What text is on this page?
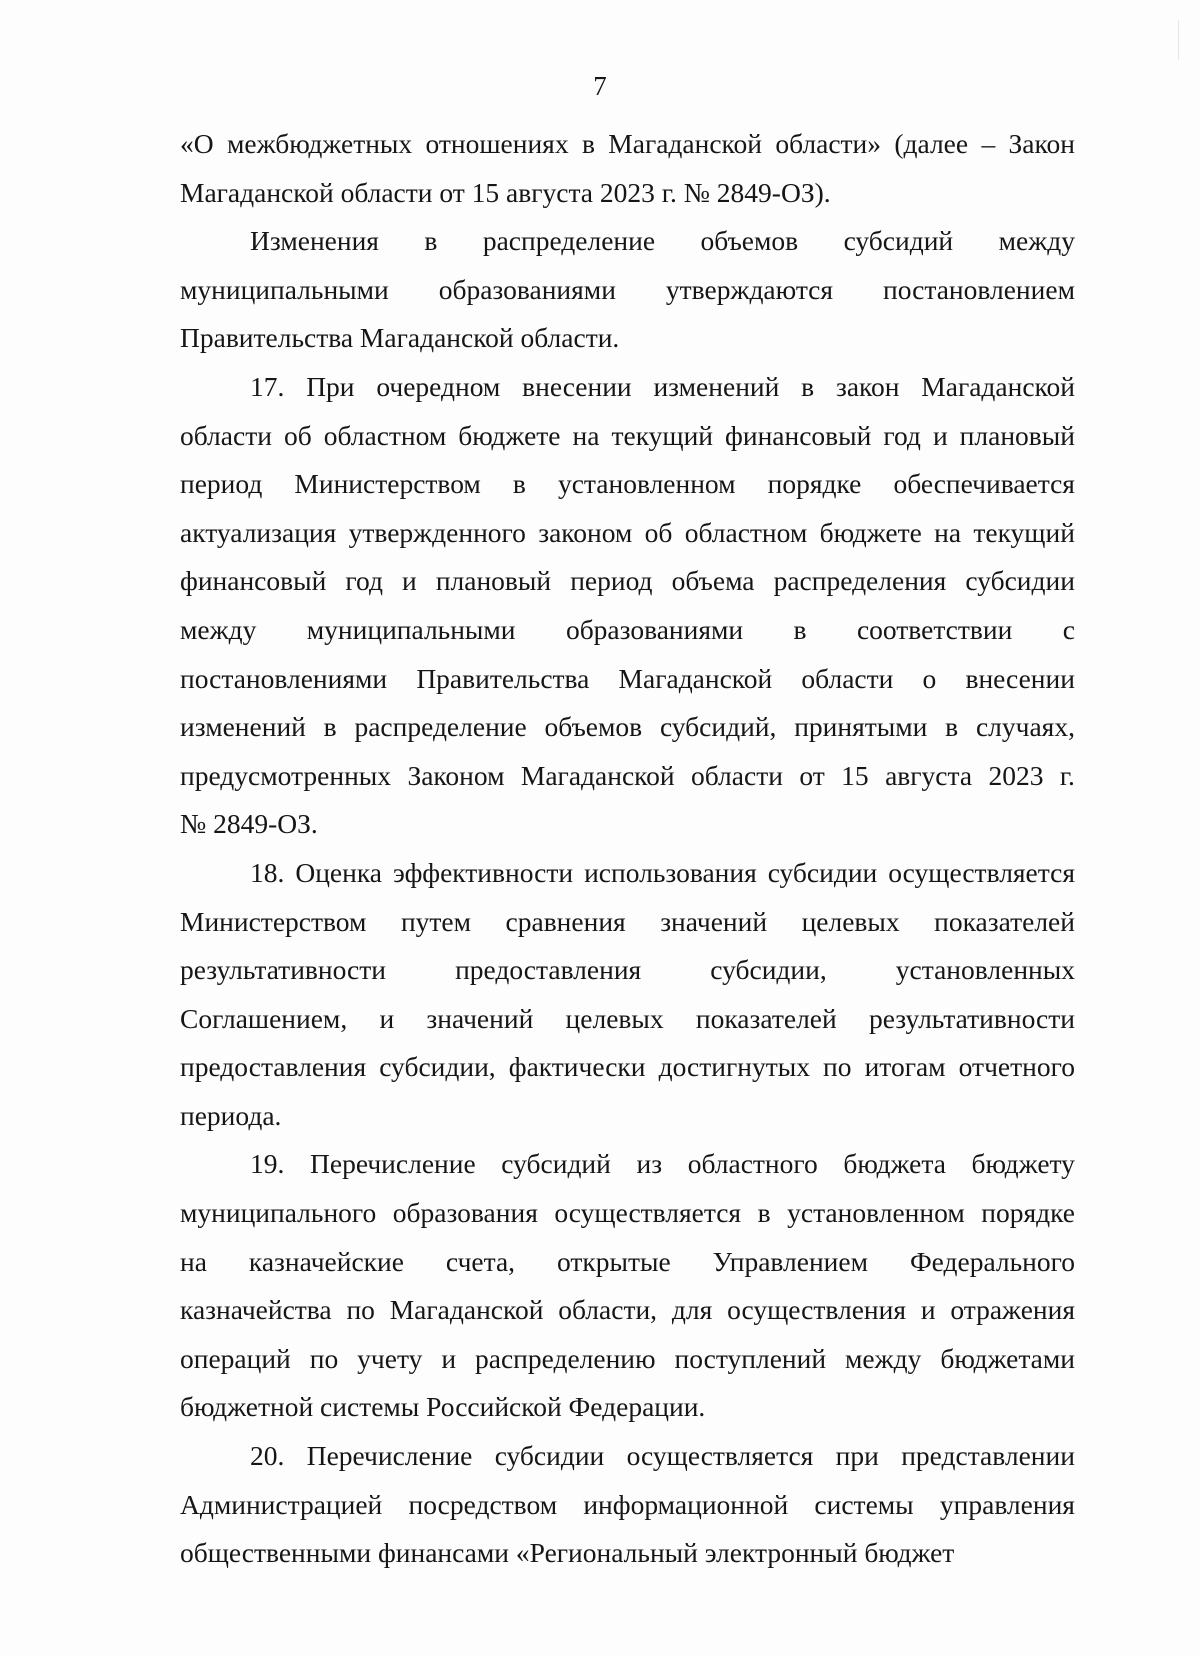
7
«О межбюджетных отношениях в Магаданской области» (далее – Закон
Магаданской области от 15 августа 2023 г. № 2849-ОЗ).
Изменения в распределение объемов субсидий между
муниципальными образованиями утверждаются постановлением
Правительства Магаданской области.
17. При очередном внесении изменений в закон Магаданской
области об областном бюджете на текущий финансовый год и плановый
период Министерством в установленном порядке обеспечивается
актуализация утвержденного законом об областном бюджете на текущий
финансовый год и плановый период объема распределения субсидии
между муниципальными образованиями в соответствии с
постановлениями Правительства Магаданской области о внесении
изменений в распределение объемов субсидий, принятыми в случаях,
предусмотренных Законом Магаданской области от 15 августа 2023 г.
№ 2849-ОЗ.
18. Оценка эффективности использования субсидии осуществляется
Министерством путем сравнения значений целевых показателей
результативности	предоставления	субсидии,	установленных
Соглашением, и значений целевых показателей результативности
предоставления субсидии, фактически достигнутых по итогам отчетного
периода.
19. Перечисление субсидий из областного бюджета бюджету
муниципального образования осуществляется в установленном порядке
на казначейские счета, открытые Управлением Федерального
казначейства по Магаданской области, для осуществления и отражения
операций по учету и распределению поступлений между бюджетами
бюджетной системы Российской Федерации.
20. Перечисление субсидии осуществляется при представлении
Администрацией посредством информационной системы управления
общественными финансами «Региональный электронный бюджет
